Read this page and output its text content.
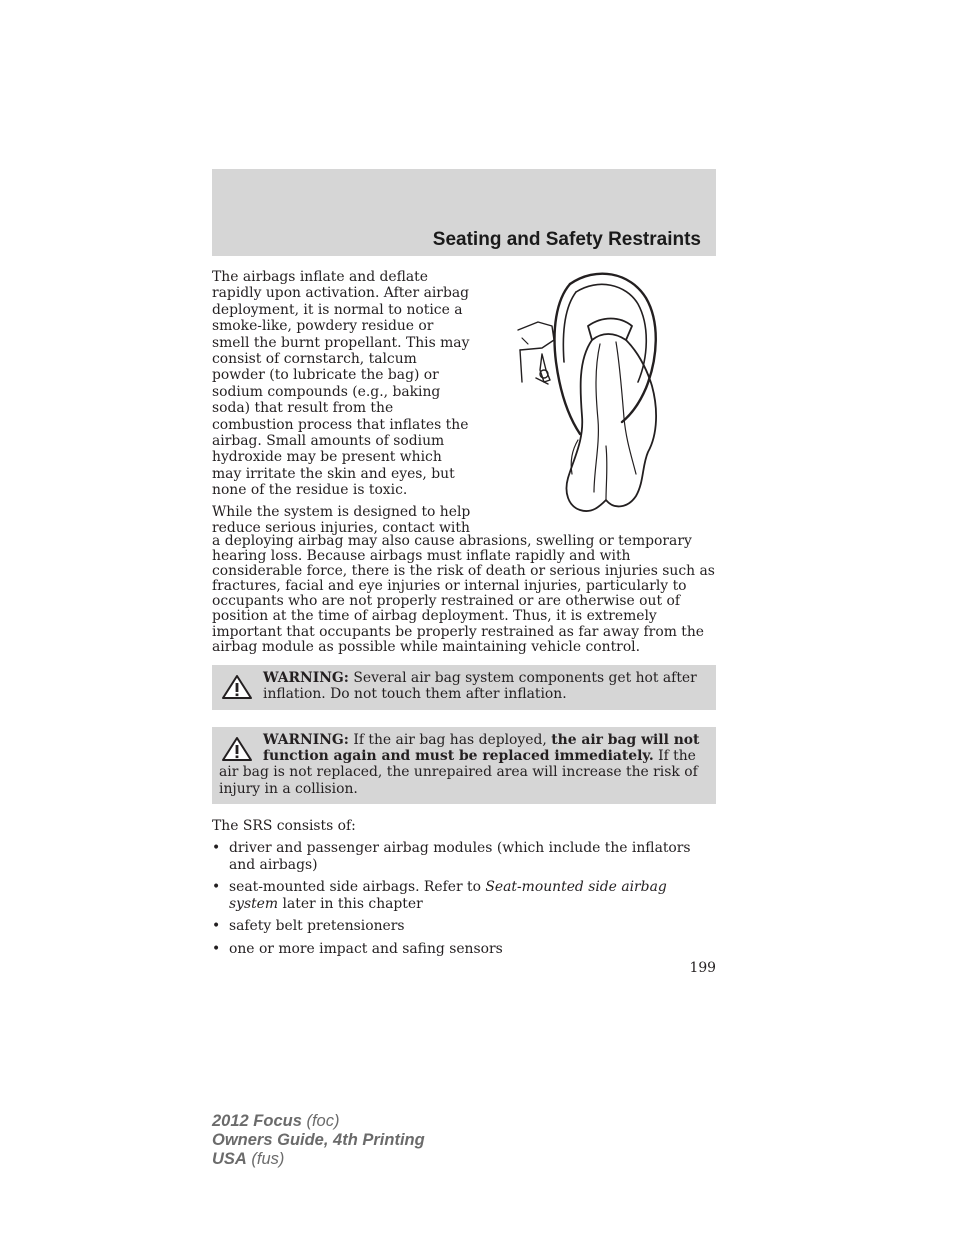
Seating and Safety Restraints

The airbags inflate and deflate rapidly upon activation. After airbag deployment, it is normal to notice a smoke-like, powdery residue or smell the burnt propellant. This may consist of cornstarch, talcum powder (to lubricate the bag) or sodium compounds (e.g., baking soda) that result from the combustion process that inflates the airbag. Small amounts of sodium hydroxide may be present which may irritate the skin and eyes, but none of the residue is toxic.

While the system is designed to help reduce serious injuries, contact with

a deploying airbag may also cause abrasions, swelling or temporary hearing loss. Because airbags must inflate rapidly and with considerable force, there is the risk of death or serious injuries such as fractures, facial and eye injuries or internal injuries, particularly to occupants who are not properly restrained or are otherwise out of position at the time of airbag deployment. Thus, it is extremely important that occupants be properly restrained as far away from the airbag module as possible while maintaining vehicle control.

WARNING: Several air bag system components get hot after inflation. Do not touch them after inflation.

WARNING: If the air bag has deployed, the air bag will not function again and must be replaced immediately. If the air bag is not replaced, the unrepaired area will increase the risk of injury in a collision.

The SRS consists of:

• driver and passenger airbag modules (which include the inflators and airbags)
• seat-mounted side airbags. Refer to Seat-mounted side airbag system later in this chapter
• safety belt pretensioners
• one or more impact and safing sensors
199
2012 Focus (foc)
Owners Guide, 4th Printing
USA (fus)
